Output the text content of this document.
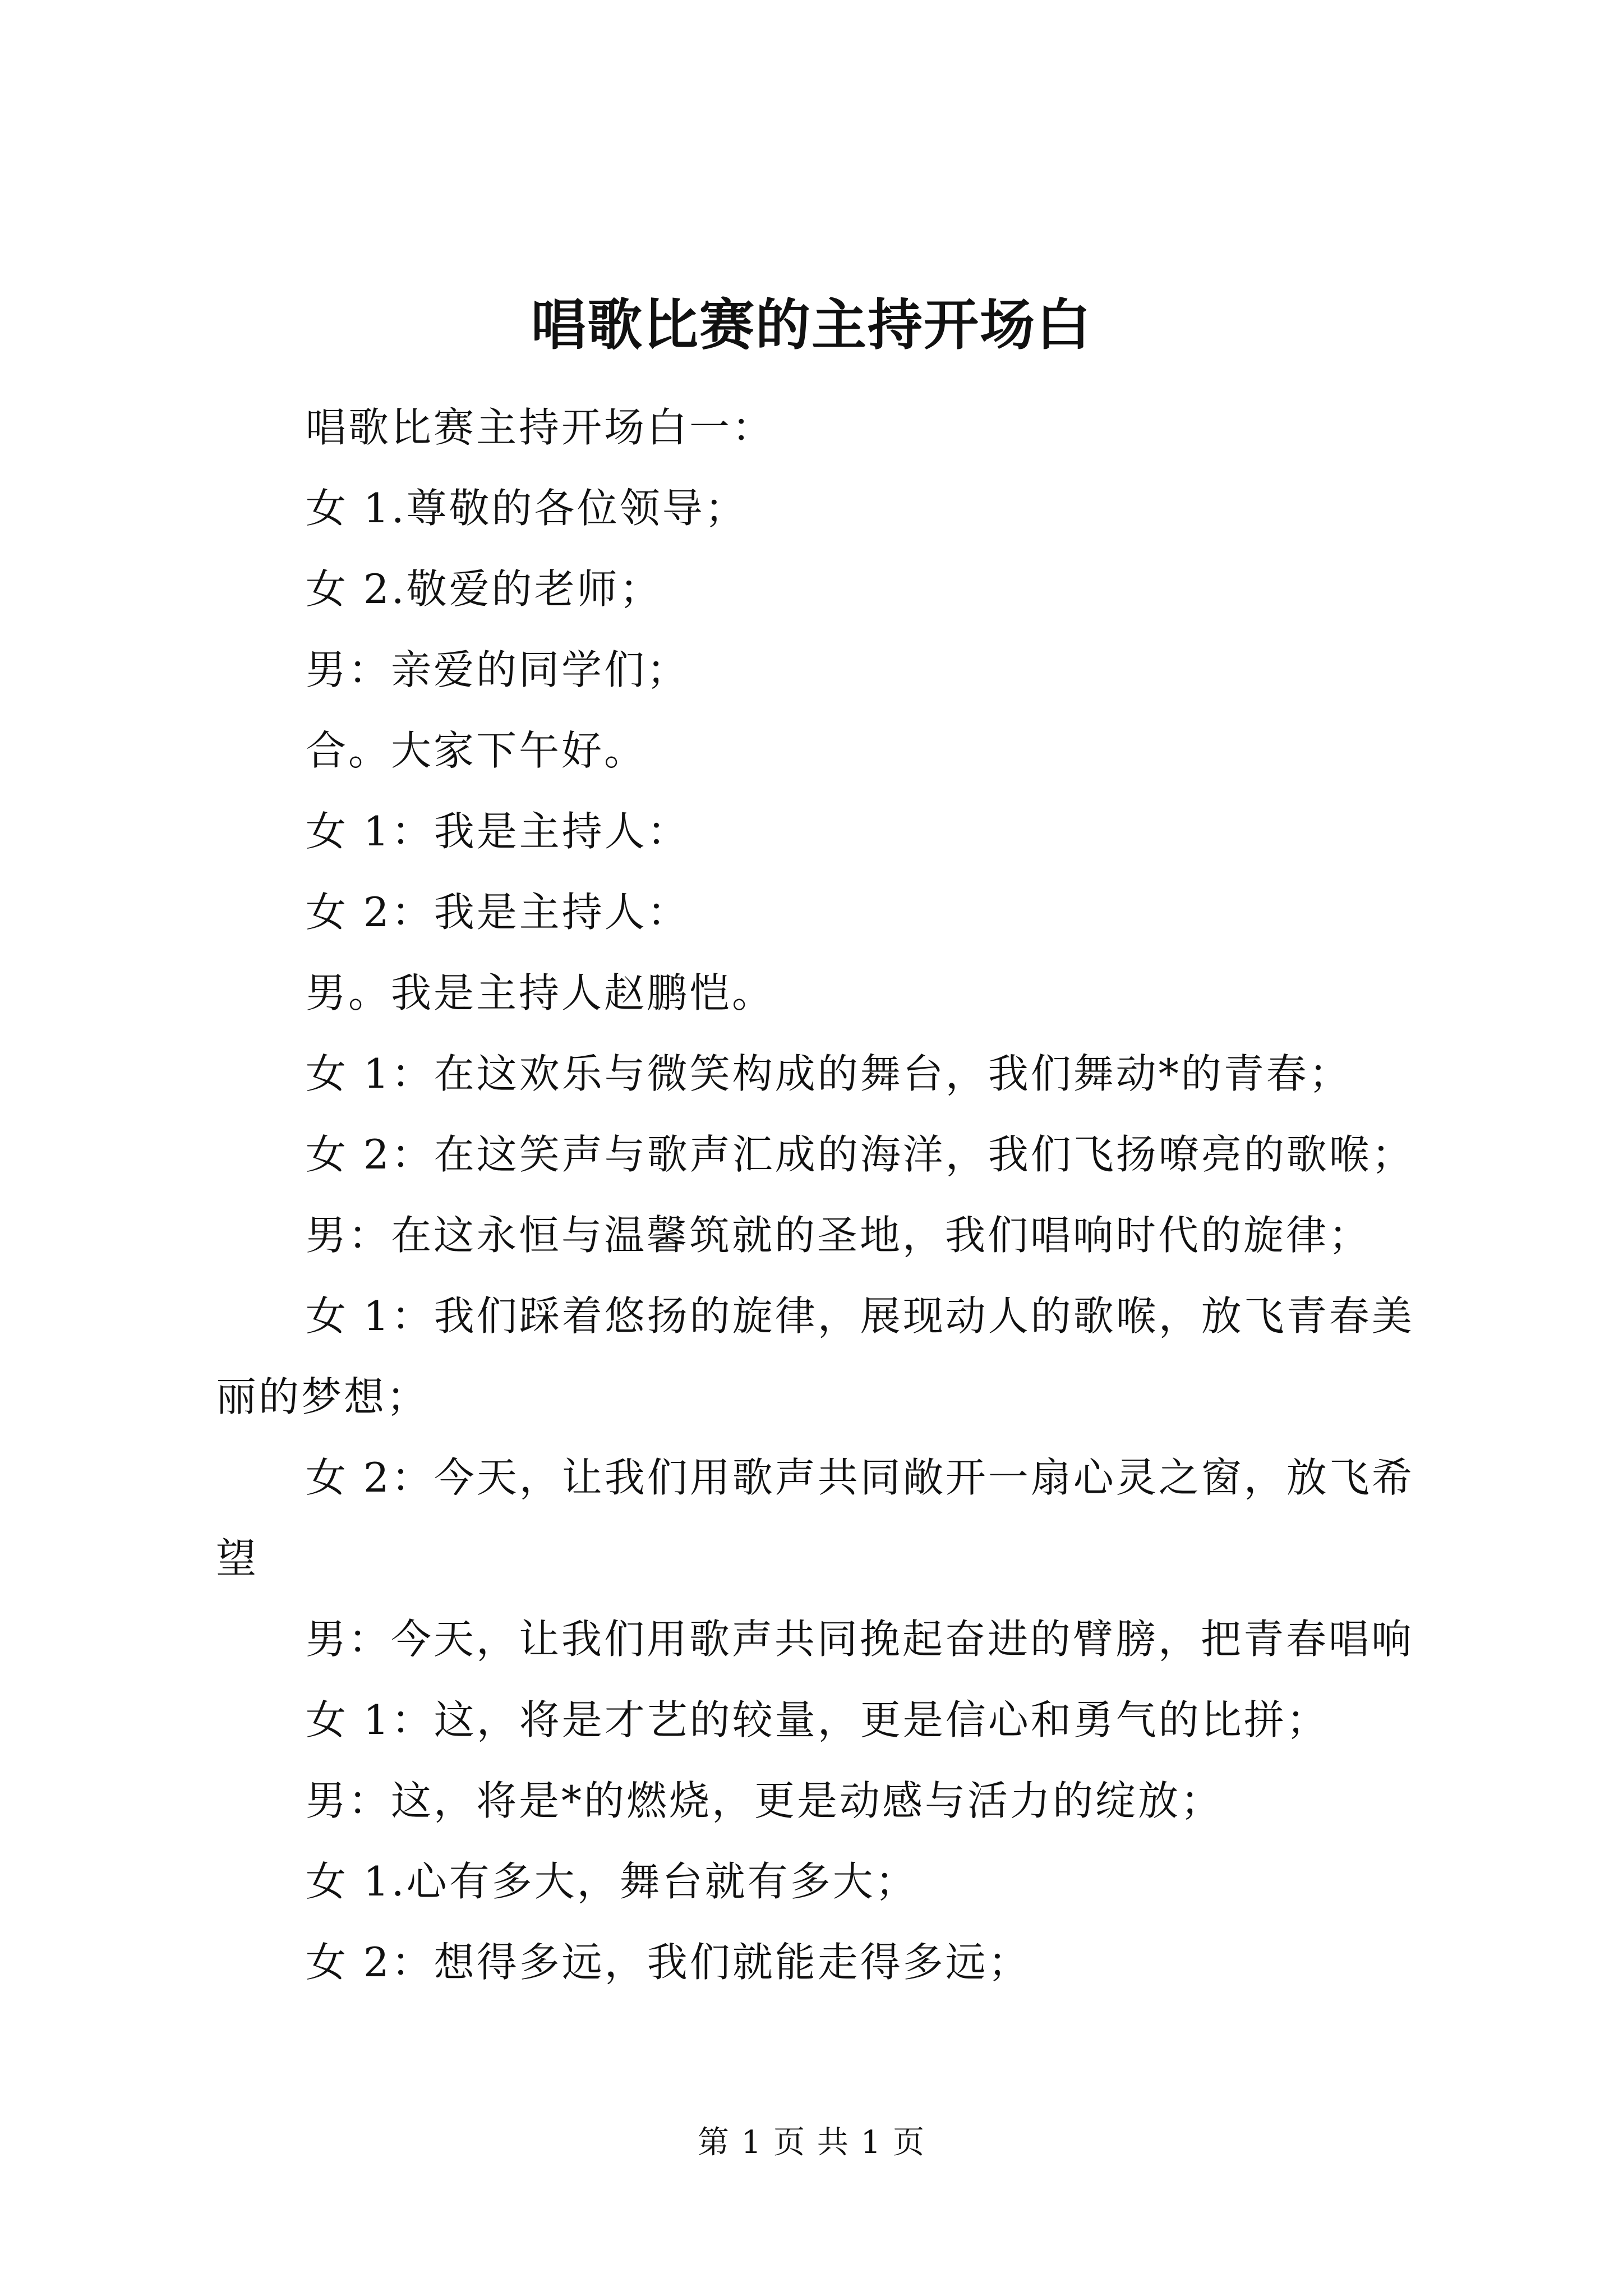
唱歌比赛的主持开场白

唱歌比赛主持开场白一：

女 1.尊敬的各位领导；

女 2.敬爱的老师；

男：亲爱的同学们；

合。大家下午好。

女 1：我是主持人：

女 2：我是主持人：

男。我是主持人赵鹏恺。

女 1：在这欢乐与微笑构成的舞台，我们舞动*的青春；

女 2：在这笑声与歌声汇成的海洋，我们飞扬嘹亮的歌喉；

男：在这永恒与温馨筑就的圣地，我们唱响时代的旋律；

女 1：我们踩着悠扬的旋律，展现动人的歌喉，放飞青春美丽的梦想；

女 2：今天，让我们用歌声共同敞开一扇心灵之窗，放飞希望

男：今天，让我们用歌声共同挽起奋进的臂膀，把青春唱响

女 1：这，将是才艺的较量，更是信心和勇气的比拼；

男：这，将是*的燃烧，更是动感与活力的绽放；

女 1.心有多大，舞台就有多大；

女 2：想得多远，我们就能走得多远；

第 1 页 共 1 页
